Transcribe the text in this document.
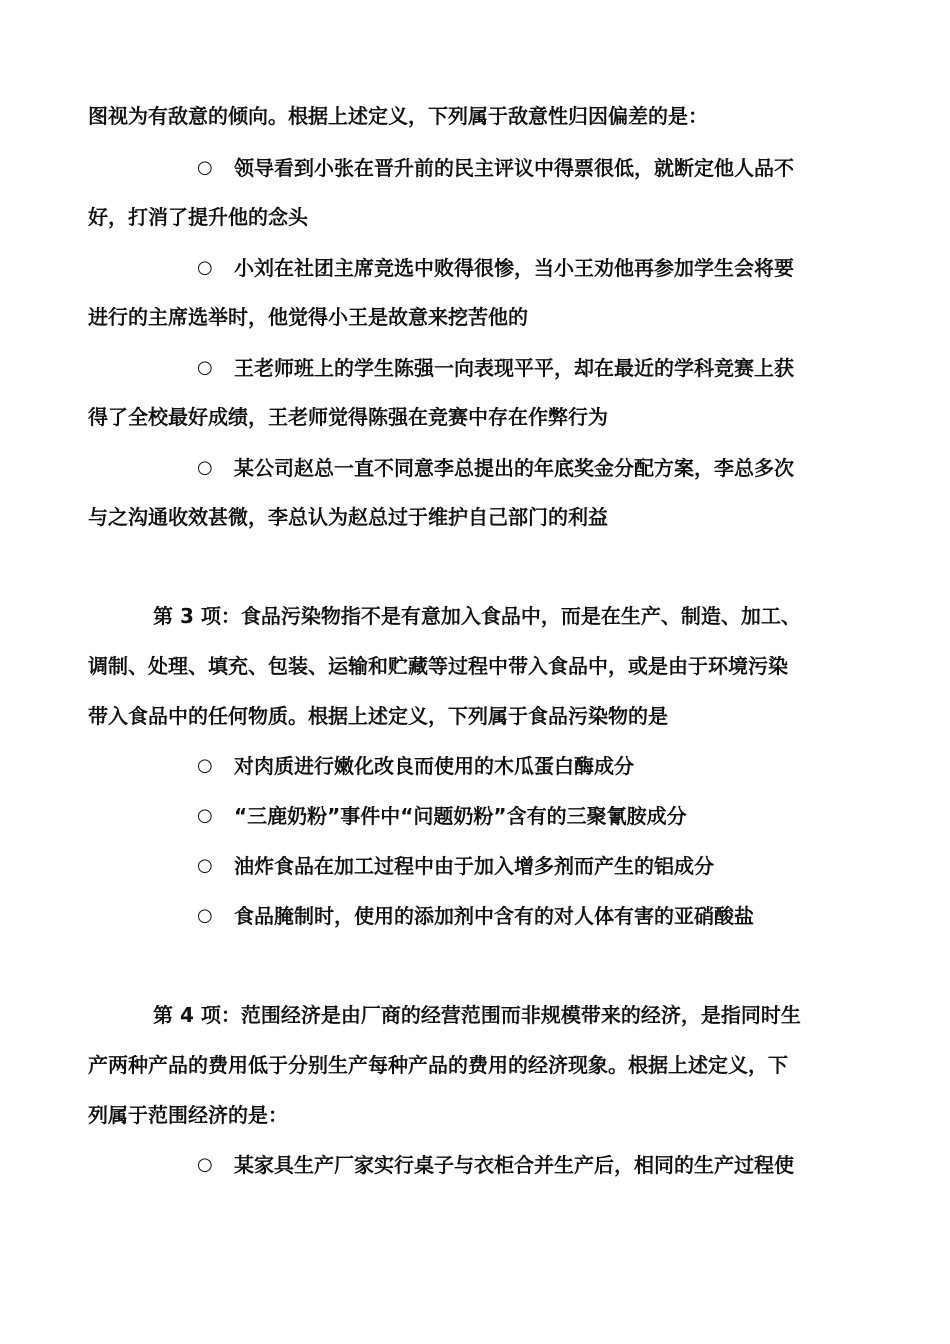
图视为有敌意的倾向。根据上述定义，下列属于敌意性归因偏差的是：
○ 领导看到小张在晋升前的民主评议中得票很低，就断定他人品不
好，打消了提升他的念头
○ 小刘在社团主席竞选中败得很惨，当小王劝他再参加学生会将要
进行的主席选举时，他觉得小王是故意来挖苦他的
○ 王老师班上的学生陈强一向表现平平，却在最近的学科竞赛上获
得了全校最好成绩，王老师觉得陈强在竞赛中存在作弊行为
○ 某公司赵总一直不同意李总提出的年底奖金分配方案，李总多次
与之沟通收效甚微，李总认为赵总过于维护自己部门的利益
第 3 项：食品污染物指不是有意加入食品中，而是在生产、制造、加工、
调制、处理、填充、包装、运输和贮藏等过程中带入食品中，或是由于环境污染
带入食品中的任何物质。根据上述定义，下列属于食品污染物的是
○ 对肉质进行嫩化改良而使用的木瓜蛋白酶成分
○ “三鹿奶粉”事件中“问题奶粉”含有的三聚氰胺成分
○ 油炸食品在加工过程中由于加入增多剂而产生的铝成分
○ 食品腌制时，使用的添加剂中含有的对人体有害的亚硝酸盐
第 4 项：范围经济是由厂商的经营范围而非规模带来的经济，是指同时生
产两种产品的费用低于分别生产每种产品的费用的经济现象。根据上述定义，下
列属于范围经济的是：
○ 某家具生产厂家实行桌子与衣柜合并生产后，相同的生产过程使
